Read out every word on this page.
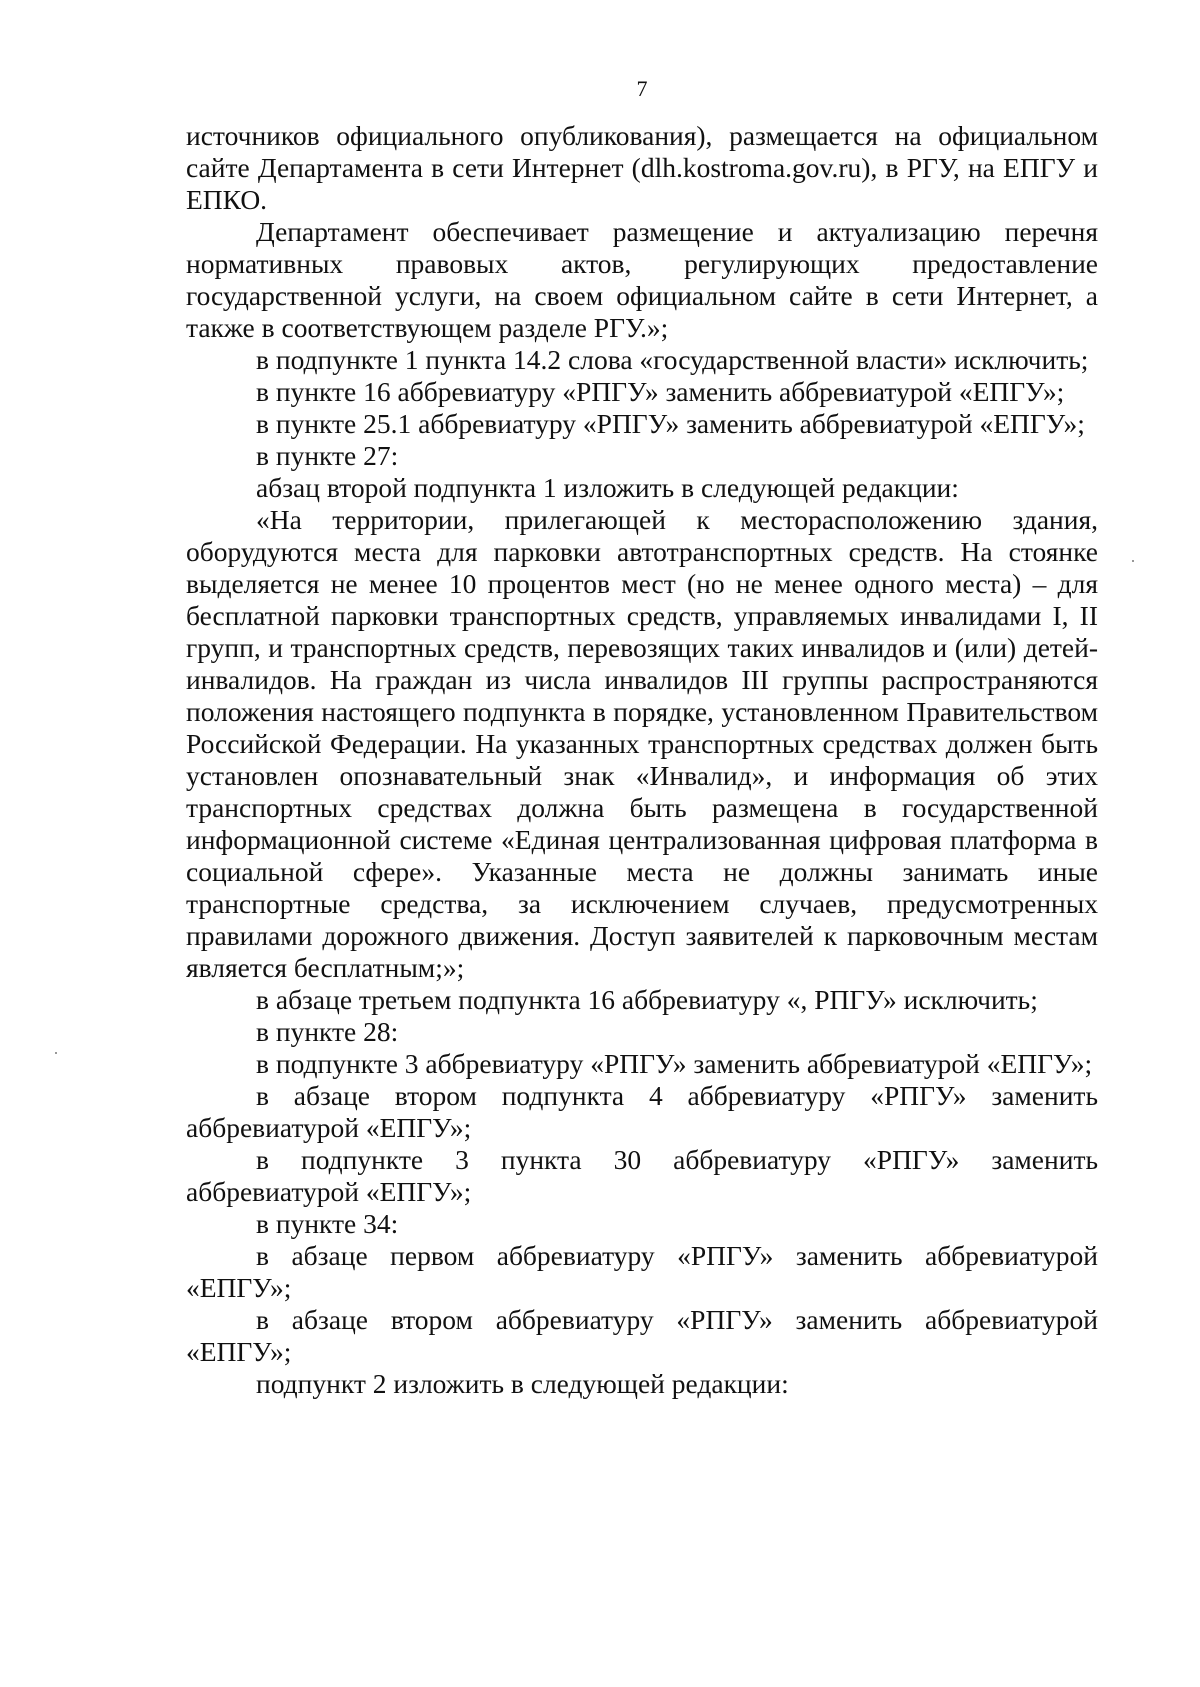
7

источников официального опубликования), размещается на официальном сайте Департамента в сети Интернет (dlh.kostroma.gov.ru), в РГУ, на ЕПГУ и ЕПКО.

Департамент обеспечивает размещение и актуализацию перечня нормативных правовых актов, регулирующих предоставление государственной услуги, на своем официальном сайте в сети Интернет, а также в соответствующем разделе РГУ.»;

в подпункте 1 пункта 14.2 слова «государственной власти» исключить;

в пункте 16 аббревиатуру «РПГУ» заменить аббревиатурой «ЕПГУ»;

в пункте 25.1 аббревиатуру «РПГУ» заменить аббревиатурой «ЕПГУ»;

в пункте 27:

абзац второй подпункта 1 изложить в следующей редакции:

«На территории, прилегающей к месторасположению здания, оборудуются места для парковки автотранспортных средств. На стоянке выделяется не менее 10 процентов мест (но не менее одного места) – для бесплатной парковки транспортных средств, управляемых инвалидами I, II групп, и транспортных средств, перевозящих таких инвалидов и (или) детей-инвалидов. На граждан из числа инвалидов III группы распространяются положения настоящего подпункта в порядке, установленном Правительством Российской Федерации. На указанных транспортных средствах должен быть установлен опознавательный знак «Инвалид», и информация об этих транспортных средствах должна быть размещена в государственной информационной системе «Единая централизованная цифровая платформа в социальной сфере». Указанные места не должны занимать иные транспортные средства, за исключением случаев, предусмотренных правилами дорожного движения. Доступ заявителей к парковочным местам является бесплатным;»;

в абзаце третьем подпункта 16 аббревиатуру «, РПГУ» исключить;

в пункте 28:

в подпункте 3 аббревиатуру «РПГУ» заменить аббревиатурой «ЕПГУ»;

в абзаце втором подпункта 4 аббревиатуру «РПГУ» заменить аббревиатурой «ЕПГУ»;

в подпункте 3 пункта 30 аббревиатуру «РПГУ» заменить аббревиатурой «ЕПГУ»;

в пункте 34:

в абзаце первом аббревиатуру «РПГУ» заменить аббревиатурой «ЕПГУ»;

в абзаце втором аббревиатуру «РПГУ» заменить аббревиатурой «ЕПГУ»;

подпункт 2 изложить в следующей редакции:
